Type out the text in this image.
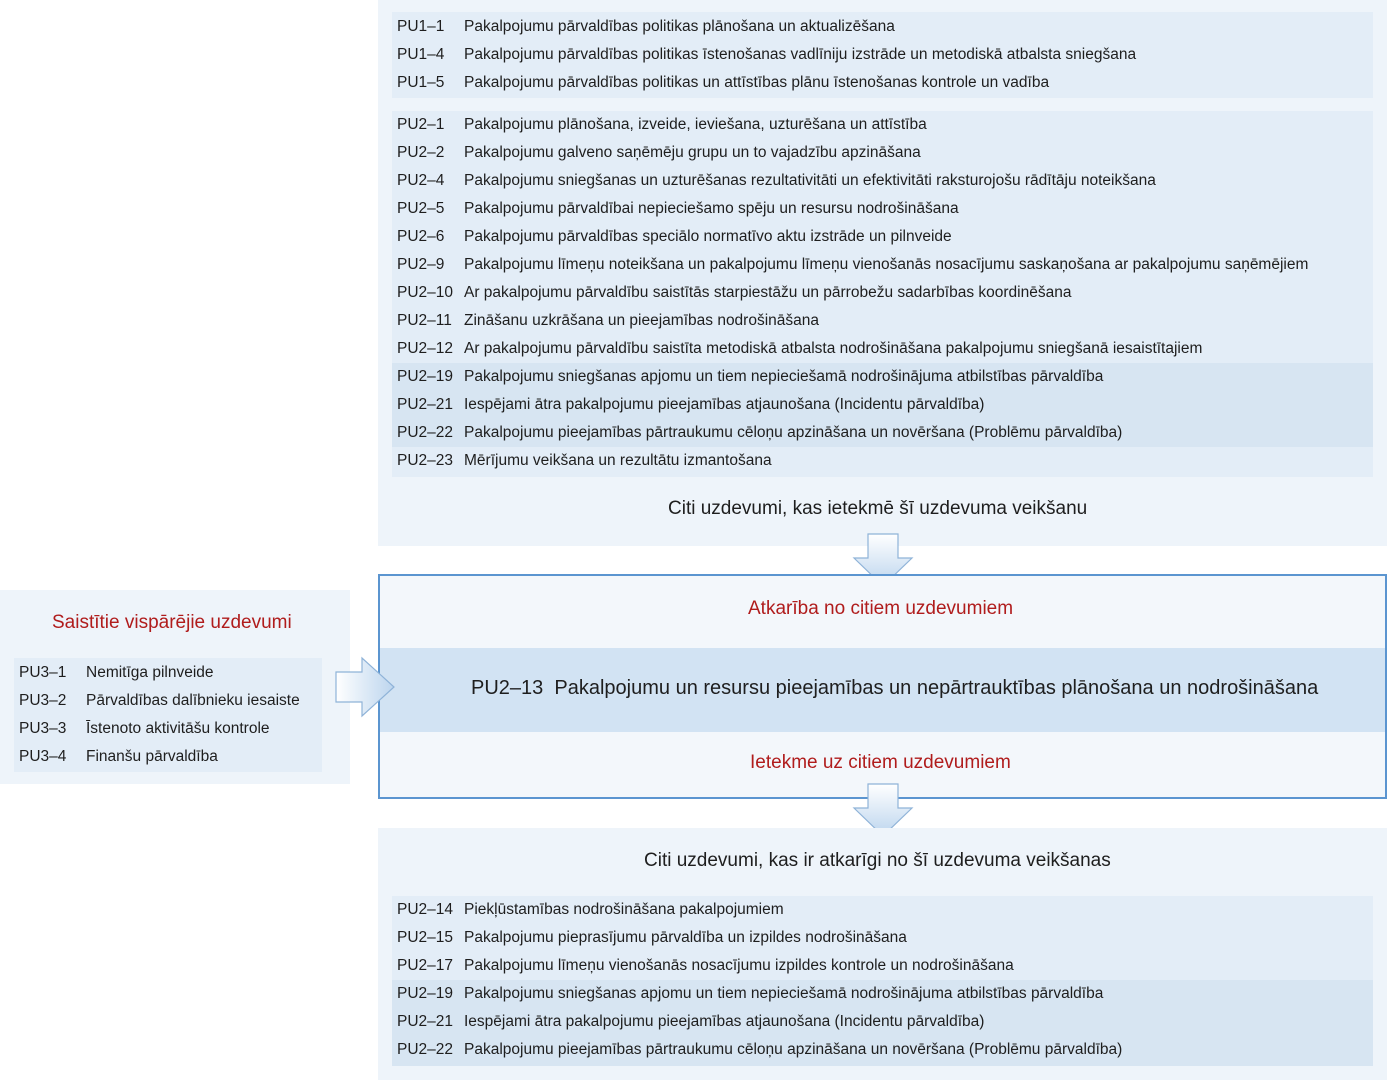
PU1–1 Pakalpojumu pārvaldības politikas plānošana un aktualizēšana
PU1–4 Pakalpojumu pārvaldības politikas īstenošanas vadlīniju izstrāde un metodiskā atbalsta sniegšana
PU1–5 Pakalpojumu pārvaldības politikas un attīstības plānu īstenošanas kontrole un vadība
PU2–1 Pakalpojumu plānošana, izveide, ieviešana, uzturēšana un attīstība
PU2–2 Pakalpojumu galveno saņēmēju grupu un to vajadzību apzināšana
PU2–4 Pakalpojumu sniegšanas un uzturēšanas rezultativitāti un efektivitāti raksturojošu rādītāju noteikšana
PU2–5 Pakalpojumu pārvaldībai nepieciešamo spēju un resursu nodrošināšana
PU2–6 Pakalpojumu pārvaldības speciālo normatīvo aktu izstrāde un pilnveide
PU2–9 Pakalpojumu līmeņu noteikšana un pakalpojumu līmeņu vienošanās nosacījumu saskaņošana ar pakalpojumu saņēmējiem
PU2–10 Ar pakalpojumu pārvaldību saistītās starpiestāžu un pārrobežu sadarbības koordinēšana
PU2–11 Zināšanu uzkrāšana un pieejamības nodrošināšana
PU2–12 Ar pakalpojumu pārvaldību saistīta metodiskā atbalsta nodrošināšana pakalpojumu sniegšanā iesaistītajiem
PU2–19 Pakalpojumu sniegšanas apjomu un tiem nepieciešamā nodrošinājuma atbilstības pārvaldība
PU2–21 Iespējami ātra pakalpojumu pieejamības atjaunošana (Incidentu pārvaldība)
PU2–22 Pakalpojumu pieejamības pārtraukumu cēloņu apzināšana un novēršana (Problēmu pārvaldība)
PU2–23 Mērījumu veikšana un rezultātu izmantošana
Citi uzdevumi, kas ietekmē šī uzdevuma veikšanu
Atkarība no citiem uzdevumiem
PU2–13 Pakalpojumu un resursu pieejamības un nepārtrauktības plānošana un nodrošināšana
Ietekme uz citiem uzdevumiem
Saistītie vispārējie uzdevumi
PU3–1 Nemitīga pilnveide
PU3–2 Pārvaldības dalībnieku iesaiste
PU3–3 Īstenoto aktivitāšu kontrole
PU3–4 Finanšu pārvaldība
Citi uzdevumi, kas ir atkarīgi no šī uzdevuma veikšanas
PU2–14 Piekļūstamības nodrošināšana pakalpojumiem
PU2–15 Pakalpojumu pieprasījumu pārvaldība un izpildes nodrošināšana
PU2–17 Pakalpojumu līmeņu vienošanās nosacījumu izpildes kontrole un nodrošināšana
PU2–19 Pakalpojumu sniegšanas apjomu un tiem nepieciešamā nodrošinājuma atbilstības pārvaldība
PU2–21 Iespējami ātra pakalpojumu pieejamības atjaunošana (Incidentu pārvaldība)
PU2–22 Pakalpojumu pieejamības pārtraukumu cēloņu apzināšana un novēršana (Problēmu pārvaldība)
